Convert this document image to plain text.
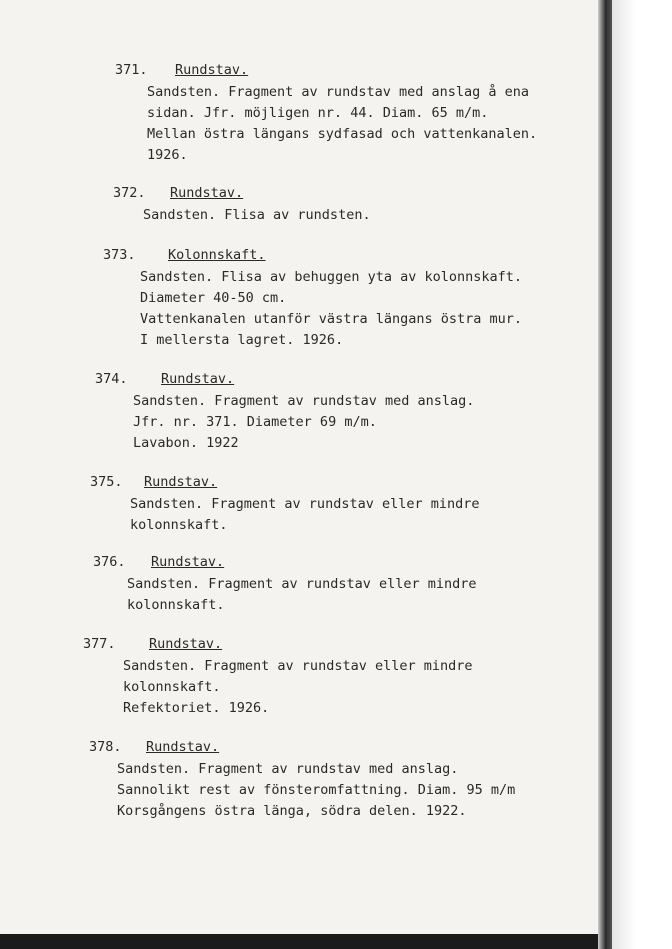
371. Rundstav.
Sandsten. Fragment av rundstav med anslag å ena
sidan. Jfr. möjligen nr. 44. Diam. 65 m/m.
Mellan östra längans sydfasad och vattenkanalen.
1926.
372. Rundstav.
Sandsten. Flisa av rundsten.
373. Kolonnskaft.
Sandsten. Flisa av behuggen yta av kolonnskaft.
Diameter 40-50 cm.
Vattenkanalen utanför västra längans östra mur.
I mellersta lagret. 1926.
374. Rundstav.
Sandsten. Fragment av rundstav med anslag.
Jfr. nr. 371. Diameter 69 m/m.
Lavabon. 1922
375. Rundstav.
Sandsten. Fragment av rundstav eller mindre
kolonnskaft.
376. Rundstav.
Sandsten. Fragment av rundstav eller mindre
kolonnskaft.
377. Rundstav.
Sandsten. Fragment av rundstav eller mindre
kolonnskaft.
Refektoriet. 1926.
378. Rundstav.
Sandsten. Fragment av rundstav med anslag.
Sannolikt rest av fönsteromfattning. Diam. 95 m/m
Korsgångens östra länga, södra delen. 1922.
